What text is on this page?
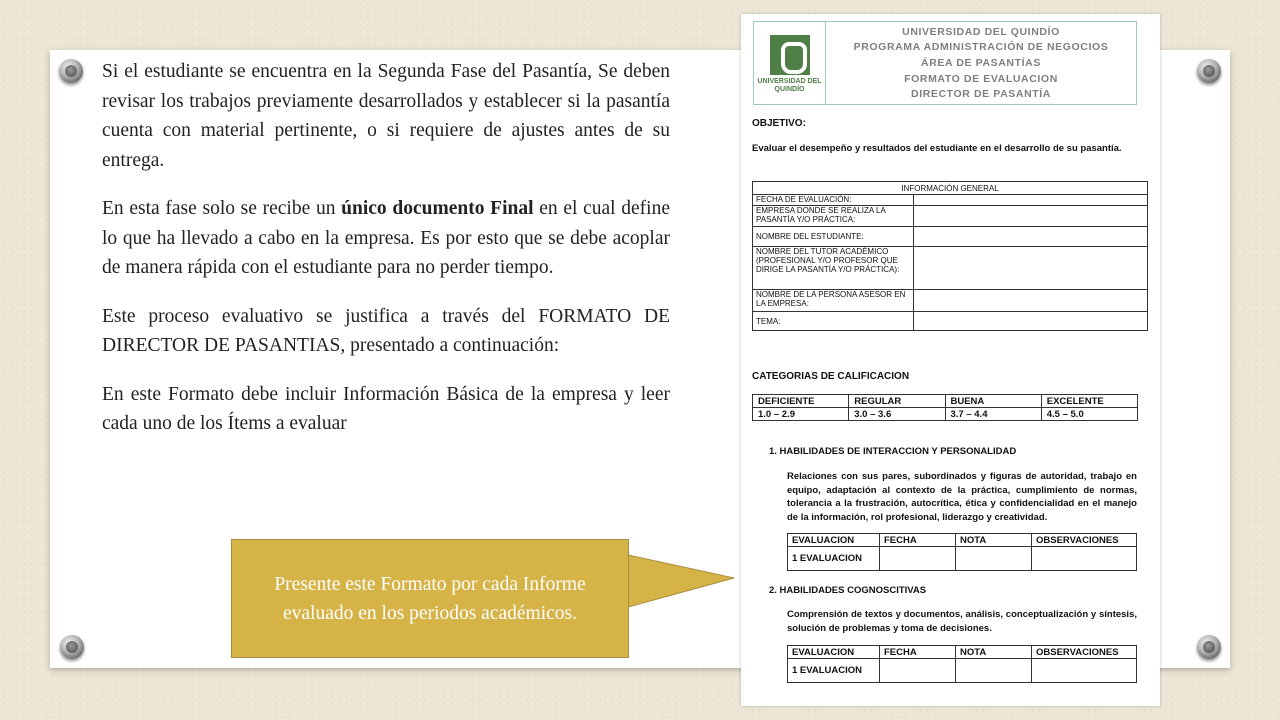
Si el estudiante se encuentra en la Segunda Fase del Pasantía, Se deben revisar los trabajos previamente desarrollados y establecer si la pasantía cuenta con material pertinente, o si requiere de ajustes antes de su entrega.

En esta fase solo se recibe un único documento Final en el cual define lo que ha llevado a cabo en la empresa. Es por esto que se debe acoplar de manera rápida con el estudiante para no perder tiempo.

Este proceso evaluativo se justifica a través del FORMATO DE DIRECTOR DE PASANTIAS, presentado a continuación:

En este Formato debe incluir Información Básica de la empresa y leer cada uno de los Ítems a evaluar

Presente este Formato por cada Informe evaluado en los periodos académicos.
UNIVERSIDAD DEL QUINDÍO
UNIVERSIDAD DEL QUINDÍO
PROGRAMA ADMINISTRACIÓN DE NEGOCIOS
ÁREA DE PASANTÍAS
FORMATO DE EVALUACION
DIRECTOR DE PASANTÍA
OBJETIVO:
Evaluar el desempeño y resultados del estudiante en el desarrollo de su pasantía.
INFORMACIÓN GENERAL	
FECHA DE EVALUACIÓN:	
EMPRESA DONDE SE REALIZA LA PASANTÍA Y/O PRÁCTICA:	
NOMBRE DEL ESTUDIANTE:	
NOMBRE DEL TUTOR ACADÉMICO (PROFESIONAL Y/O PROFESOR QUE DIRIGE LA PASANTÍA Y/O PRÁCTICA):	
NOMBRE DE LA PERSONA ASESOR EN LA EMPRESA:	
TEMA:	
CATEGORIAS DE CALIFICACION
DEFICIENTE	REGULAR	BUENA	EXCELENTE
1.0 – 2.9	3.0 – 3.6	3.7 – 4.4	4.5 – 5.0
1. HABILIDADES DE INTERACCION Y PERSONALIDAD
Relaciones con sus pares, subordinados y figuras de autoridad, trabajo en equipo, adaptación al contexto de la práctica, cumplimiento de normas, tolerancia a la frustración, autocrítica, ética y confidencialidad en el manejo de la información, rol profesional, liderazgo y creatividad.
EVALUACION	FECHA	NOTA	OBSERVACIONES
1 EVALUACION			
2. HABILIDADES COGNOSCITIVAS
Comprensión de textos y documentos, análisis, conceptualización y síntesis, solución de problemas y toma de decisiones.
EVALUACION	FECHA	NOTA	OBSERVACIONES
1 EVALUACION			
